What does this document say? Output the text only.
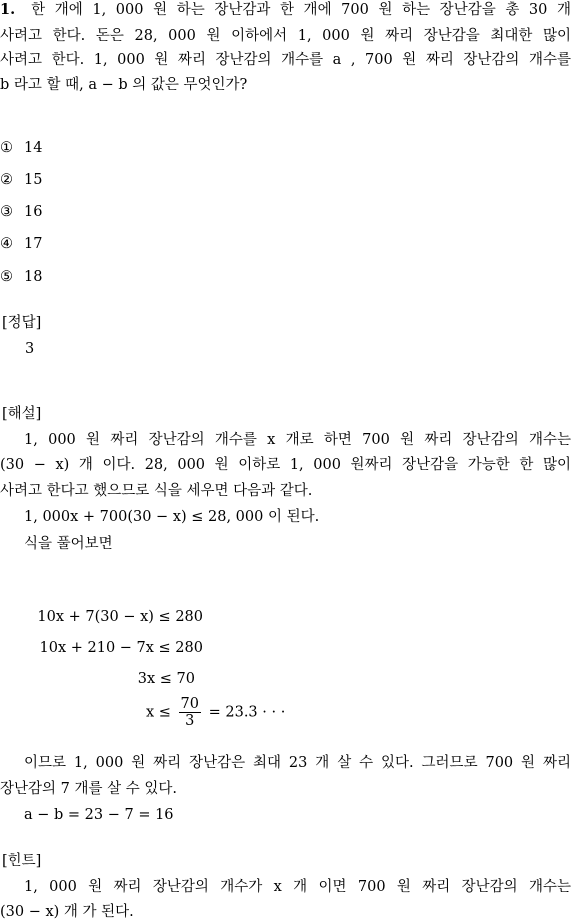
1. 한 개에 1, 000 원 하는 장난감과 한 개에 700 원 하는 장난감을 총 30 개
사려고 한다. 돈은 28, 000 원 이하에서 1, 000 원 짜리 장난감을 최대한 많이
사려고 한다. 1, 000 원 짜리 장난감의 개수를 a , 700 원 짜리 장난감의 개수를
b 라고 할 때, a − b 의 값은 무엇인가?
① 14
② 15
③ 16
④ 17
⑤ 18
[정답]
3
[해설]
1, 000 원 짜리 장난감의 개수를 x 개로 하면 700 원 짜리 장난감의 개수는
(30 − x) 개 이다. 28, 000 원 이하로 1, 000 원짜리 장난감을 가능한 한 많이
사려고 한다고 했으므로 식을 세우면 다음과 같다.
1, 000x + 700(30 − x) ≤ 28, 000 이 된다.
식을 풀어보면
10x + 7(30 − x) ≤ 280
10x + 210 − 7x ≤ 280
3x ≤ 70
$x \le \frac{70}{3} = 23.3$ · · ·
이므로 1, 000 원 짜리 장난감은 최대 23 개 살 수 있다. 그러므로 700 원 짜리
장난감의 7 개를 살 수 있다.
a − b = 23 − 7 = 16
[힌트]
1, 000 원 짜리 장난감의 개수가 x 개 이면 700 원 짜리 장난감의 개수는
(30 − x) 개 가 된다.
